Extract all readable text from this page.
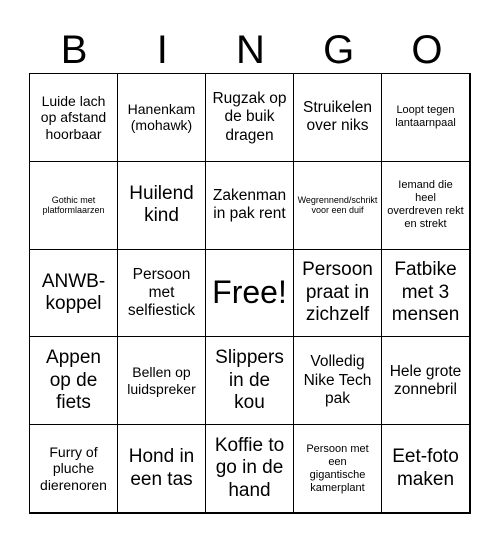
B	I	N	G	O
Luide lach op afstand hoorbaar
Hanenkam (mohawk)
Rugzak op de buik dragen
Struikelen over niks
Loopt tegen lantaarnpaal
Gothic met platformlaarzen
Huilend kind
Zakenman in pak rent
Wegrennend/schrikt voor een duif
Iemand die heel overdreven rekt en strekt
ANWB-koppel
Persoon met selfiestick
Free!
Persoon praat in zichzelf
Fatbike met 3 mensen
Appen op de fiets
Bellen op luidspreker
Slippers in de kou
Volledig Nike Tech pak
Hele grote zonnebril
Furry of pluche dierenoren
Hond in een tas
Koffie to go in de hand
Persoon met een gigantische kamerplant
Eet-foto maken
